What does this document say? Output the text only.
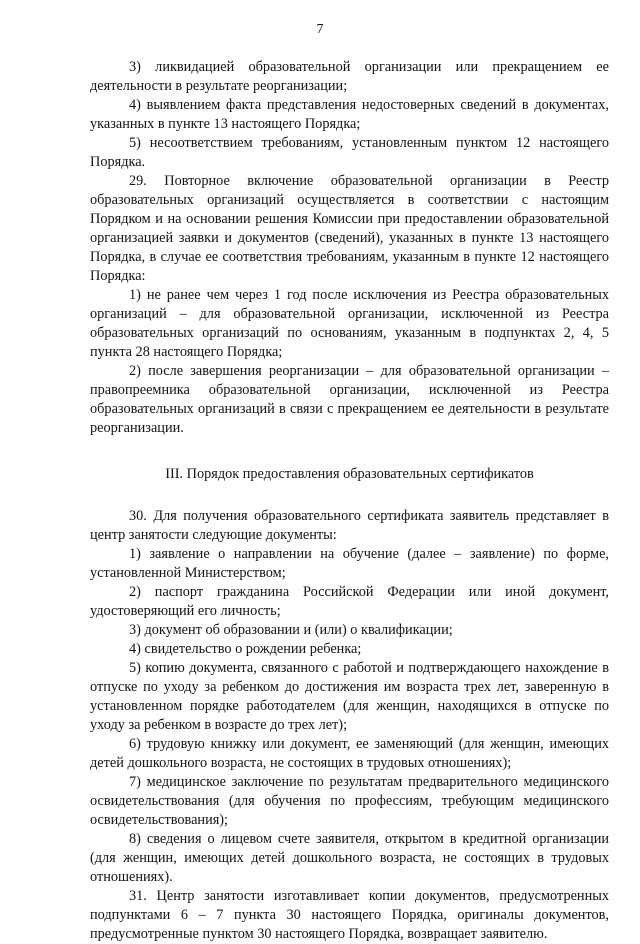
7

3) ликвидацией образовательной организации или прекращением ее деятельности в результате реорганизации;

4) выявлением факта представления недостоверных сведений в документах, указанных в пункте 13 настоящего Порядка;

5) несоответствием требованиям, установленным пунктом 12 настоящего Порядка.

29. Повторное включение образовательной организации в Реестр образовательных организаций осуществляется в соответствии с настоящим Порядком и на основании решения Комиссии при предоставлении образовательной организацией заявки и документов (сведений), указанных в пункте 13 настоящего Порядка, в случае ее соответствия требованиям, указанным в пункте 12 настоящего Порядка:

1) не ранее чем через 1 год после исключения из Реестра образовательных организаций – для образовательной организации, исключенной из Реестра образовательных организаций по основаниям, указанным в подпунктах 2, 4, 5 пункта 28 настоящего Порядка;

2) после завершения реорганизации – для образовательной организации – правопреемника образовательной организации, исключенной из Реестра образовательных организаций в связи с прекращением ее деятельности в результате реорганизации.

III. Порядок предоставления образовательных сертификатов

30. Для получения образовательного сертификата заявитель представляет в центр занятости следующие документы:

1) заявление о направлении на обучение (далее – заявление) по форме, установленной Министерством;

2) паспорт гражданина Российской Федерации или иной документ, удостоверяющий его личность;

3) документ об образовании и (или) о квалификации;

4) свидетельство о рождении ребенка;

5) копию документа, связанного с работой и подтверждающего нахождение в отпуске по уходу за ребенком до достижения им возраста трех лет, заверенную в установленном порядке работодателем (для женщин, находящихся в отпуске по уходу за ребенком в возрасте до трех лет);

6) трудовую книжку или документ, ее заменяющий (для женщин, имеющих детей дошкольного возраста, не состоящих в трудовых отношениях);

7) медицинское заключение по результатам предварительного медицинского освидетельствования (для обучения по профессиям, требующим медицинского освидетельствования);

8) сведения о лицевом счете заявителя, открытом в кредитной организации (для женщин, имеющих детей дошкольного возраста, не состоящих в трудовых отношениях).

31. Центр занятости изготавливает копии документов, предусмотренных подпунктами 6 – 7 пункта 30 настоящего Порядка, оригиналы документов, предусмотренные пунктом 30 настоящего Порядка, возвращает заявителю.
